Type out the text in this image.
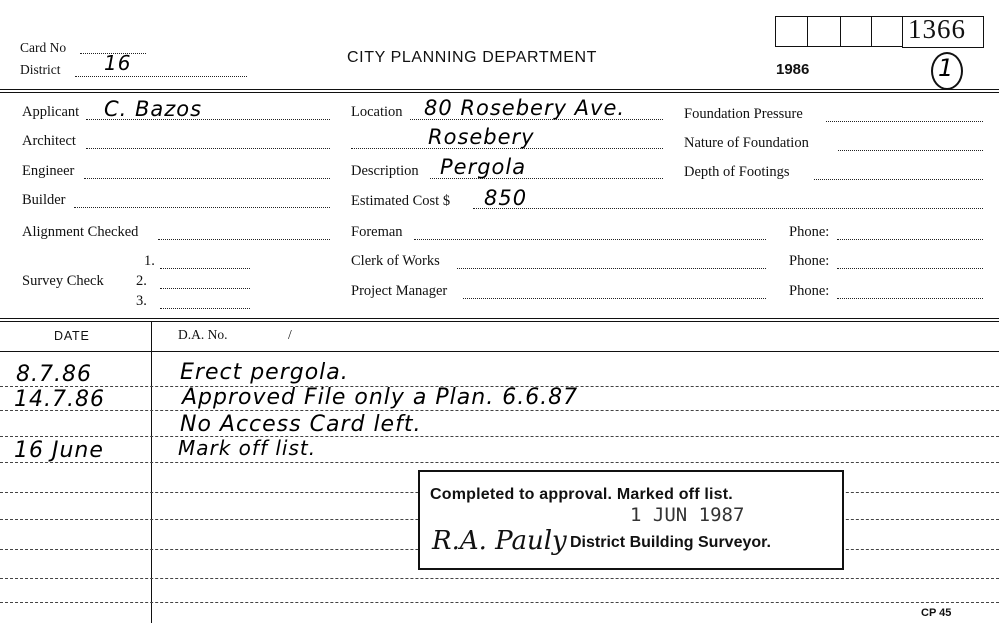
Card No
District 16	CITY PLANNING DEPARTMENT
1986
1366
1
Applicant C. Bazos
Architect
Engineer
Builder
Alignment Checked
Survey Check
1.
2.
3.
Location 80 Rosebery Ave.
Rosebery
Description Pergola
Estimated Cost $ 850
Foreman	Phone:
Clerk of Works	Phone:
Project Manager	Phone:
Foundation Pressure
Nature of Foundation
Depth of Footings
DATE	D.A. No.	/
8.7.86	Erect pergola.
14.7.86	Approved File only a Plan. 6.6.87
No Access Card left.
16 June	Mark off list.
Completed to approval. Marked off list.
1 JUN 1987
R.A. Pauly District Building Surveyor.
CP 45
